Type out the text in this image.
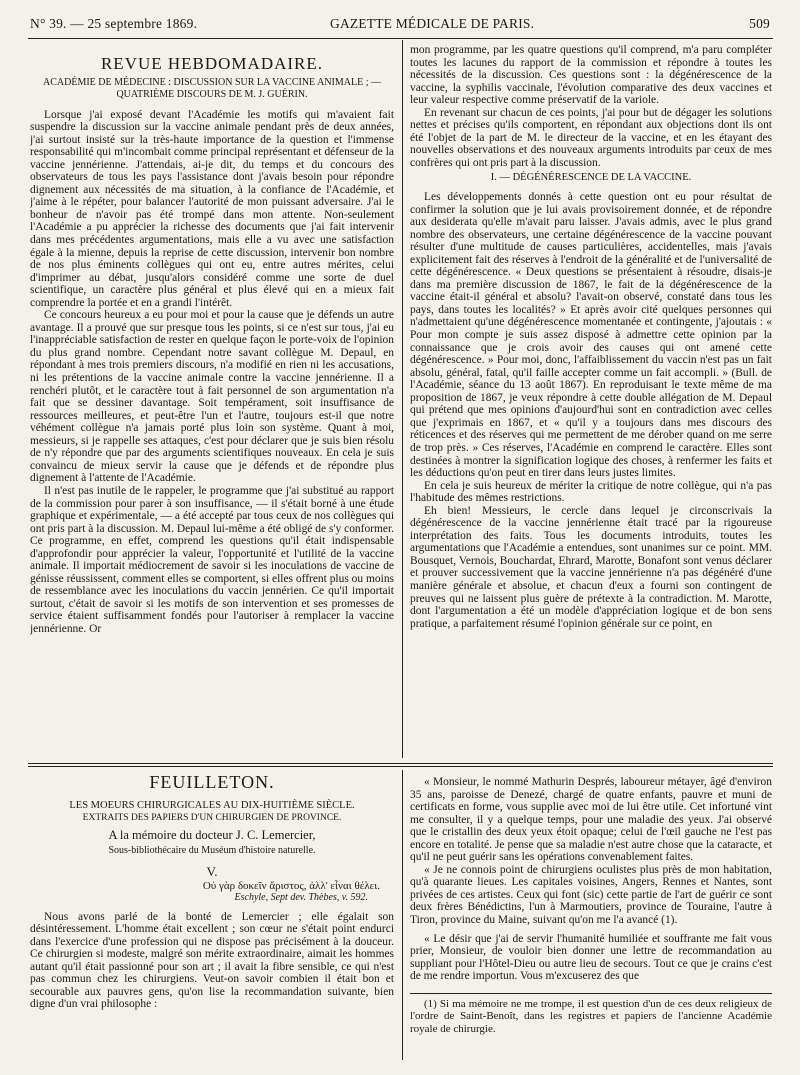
N° 39. — 25 septembre 1869.	GAZETTE MÉDICALE DE PARIS.	509
REVUE HEBDOMADAIRE.
ACADÉMIE DE MÉDECINE : DISCUSSION SUR LA VACCINE ANIMALE ; — QUATRIÈME DISCOURS DE M. J. GUÉRIN.

Lorsque j'ai exposé devant l'Académie les motifs qui m'avaient fait suspendre la discussion sur la vaccine animale pendant près de deux années, j'ai surtout insisté sur la très-haute importance de la question et l'immense responsabilité qui m'incombait comme principal représentant et défenseur de la vaccine jennérienne. J'attendais, ai-je dit, du temps et du concours des observateurs de tous les pays l'assistance dont j'avais besoin pour répondre dignement aux nécessités de ma situation, à la confiance de l'Académie, et j'aime à le répéter, pour balancer l'autorité de mon puissant adversaire. J'ai le bonheur de n'avoir pas été trompé dans mon attente. Non-seulement l'Académie a pu apprécier la richesse des documents que j'ai fait intervenir dans mes précédentes argumentations, mais elle a vu avec une satisfaction égale à la mienne, depuis la reprise de cette discussion, intervenir bon nombre de nos plus éminents collègues qui ont eu, entre autres mérites, celui d'imprimer au débat, jusqu'alors considéré comme une sorte de duel scientifique, un caractère plus général et plus élevé qui en a mieux fait comprendre la portée et en a grandi l'intérêt.

Ce concours heureux a eu pour moi et pour la cause que je défends un autre avantage. Il a prouvé que sur presque tous les points, si ce n'est sur tous, j'ai eu l'inappréciable satisfaction de rester en quelque façon le porte-voix de l'opinion du plus grand nombre. Cependant notre savant collègue M. Depaul, en répondant à mes trois premiers discours, n'a modifié en rien ni les accusations, ni les prétentions de la vaccine animale contre la vaccine jennérienne. Il a renchéri plutôt, et le caractère tout à fait personnel de son argumentation n'a fait que se dessiner davantage. Soit tempérament, soit insuffisance de ressources meilleures, et peut-être l'un et l'autre, toujours est-il que notre véhément collègue n'a jamais porté plus loin son système. Quant à moi, messieurs, si je rappelle ses attaques, c'est pour déclarer que je suis bien résolu de n'y répondre que par des arguments scientifiques nouveaux. En cela je suis convaincu de mieux servir la cause que je défends et de répondre plus dignement à l'attente de l'Académie.

Il n'est pas inutile de le rappeler, le programme que j'ai substitué au rapport de la commission pour parer à son insuffisance, — il s'était borné à une étude graphique et expérimentale, — a été accepté par tous ceux de nos collègues qui ont pris part à la discussion. M. Depaul lui-même a été obligé de s'y conformer. Ce programme, en effet, comprend les questions qu'il était indispensable d'approfondir pour apprécier la valeur, l'opportunité et l'utilité de la vaccine animale. Il importait médiocrement de savoir si les inoculations de vaccine de génisse réussissent, comment elles se comportent, si elles offrent plus ou moins de ressemblance avec les inoculations du vaccin jennérien. Ce qu'il importait surtout, c'était de savoir si les motifs de son intervention et ses promesses de service étaient suffisamment fondés pour l'autoriser à remplacer la vaccine jennérienne. Or

mon programme, par les quatre questions qu'il comprend, m'a paru compléter toutes les lacunes du rapport de la commission et répondre à toutes les nécessités de la discussion. Ces questions sont : la dégénérescence de la vaccine, la syphilis vaccinale, l'évolution comparative des deux vaccines et leur valeur respective comme préservatif de la variole.

En revenant sur chacun de ces points, j'ai pour but de dégager les solutions nettes et précises qu'ils comportent, en répondant aux objections dont ils ont été l'objet de la part de M. le directeur de la vaccine, et en les étayant des nouvelles observations et des nouveaux arguments introduits par ceux de mes confrères qui ont pris part à la discussion.

I. — DÉGÉNÉRESCENCE DE LA VACCINE.

Les développements donnés à cette question ont eu pour résultat de confirmer la solution que je lui avais provisoirement donnée, et de répondre aux desiderata qu'elle m'avait paru laisser. J'avais admis, avec le plus grand nombre des observateurs, une certaine dégénérescence de la vaccine pouvant résulter d'une multitude de causes particulières, accidentelles, mais j'avais explicitement fait des réserves à l'endroit de la généralité et de l'universalité de cette dégénérescence. « Deux questions se présentaient à résoudre, disais-je dans ma première discussion de 1867, le fait de la dégénérescence de la vaccine était-il général et absolu? l'avait-on observé, constaté dans tous les pays, dans toutes les localités? » Et après avoir cité quelques personnes qui n'admettaient qu'une dégénérescence momentanée et contingente, j'ajoutais : « Pour mon compte je suis assez disposé à admettre cette opinion par la connaissance que je crois avoir des causes qui ont amené cette dégénérescence. » Pour moi, donc, l'affaiblissement du vaccin n'est pas un fait absolu, général, fatal, qu'il faille accepter comme un fait accompli. » (Bull. de l'Académie, séance du 13 août 1867). En reproduisant le texte même de ma proposition de 1867, je veux répondre à cette double allégation de M. Depaul qui prétend que mes opinions d'aujourd'hui sont en contradiction avec celles que j'exprimais en 1867, et « qu'il y a toujours dans mes discours des réticences et des réserves qui me permettent de me dérober quand on me serre de trop près. » Ces réserves, l'Académie en comprend le caractère. Elles sont destinées à montrer la signification logique des choses, à renfermer les faits et les déductions qu'on peut en tirer dans leurs justes limites.

En cela je suis heureux de mériter la critique de notre collègue, qui n'a pas l'habitude des mêmes restrictions.

Eh bien! Messieurs, le cercle dans lequel je circonscrivais la dégénérescence de la vaccine jennérienne était tracé par la rigoureuse interprétation des faits. Tous les documents introduits, toutes les argumentations que l'Académie a entendues, sont unanimes sur ce point. MM. Bousquet, Vernois, Bouchardat, Ehrard, Marotte, Bonafont sont venus déclarer et prouver successivement que la vaccine jennérienne n'a pas dégénéré d'une manière générale et absolue, et chacun d'eux a fourni son contingent de preuves qui ne laissent plus guère de prétexte à la contradiction. M. Marotte, dont l'argumentation a été un modèle d'appréciation logique et de bon sens pratique, a parfaitement résumé l'opinion générale sur ce point, en

FEUILLETON.
LES MOEURS CHIRURGICALES AU DIX-HUITIÈME SIÈCLE.
EXTRAITS DES PAPIERS D'UN CHIRURGIEN DE PROVINCE.
A la mémoire du docteur J. C. Lemercier,
Sous-bibliothécaire du Muséum d'histoire naturelle.
V.
Οὐ γὰρ δοκεῖν ἄριστος, ἀλλ' εἶναι θέλει.
Eschyle, Sept dev. Thèbes, v. 592.

Nous avons parlé de la bonté de Lemercier ; elle égalait son désintéressement. L'homme était excellent ; son cœur ne s'était point endurci dans l'exercice d'une profession qui ne dispose pas précisément à la douceur. Ce chirurgien si modeste, malgré son mérite extraordinaire, aimait les hommes autant qu'il était passionné pour son art ; il avait la fibre sensible, ce qui n'est pas commun chez les chirurgiens. Veut-on savoir combien il était bon et secourable aux pauvres gens, qu'on lise la recommandation suivante, bien digne d'un vrai philosophe :

« Monsieur, le nommé Mathurin Després, laboureur métayer, âgé d'environ 35 ans, paroisse de Denezé, chargé de quatre enfants, pauvre et muni de certificats en forme, vous supplie avec moi de lui être utile. Cet infortuné vint me consulter, il y a quelque temps, pour une maladie des yeux. J'ai observé que le cristallin des deux yeux étoit opaque; celui de l'œil gauche ne l'est pas encore en totalité. Je pense que sa maladie n'est autre chose que la cataracte, et qu'il ne peut guérir sans les opérations convenablement faites.

« Je ne connois point de chirurgiens oculistes plus près de mon habitation, qu'à quarante lieues. Les capitales voisines, Angers, Rennes et Nantes, sont privées de ces artistes. Ceux qui font (sic) cette partie de l'art de guérir ce sont deux frères Bénédictins, l'un à Marmoutiers, province de Touraine, l'autre à Tiron, province du Maine, suivant qu'on me l'a avancé (1).

« Le désir que j'ai de servir l'humanité humiliée et souffrante me fait vous prier, Monsieur, de vouloir bien donner une lettre de recommandation au suppliant pour l'Hôtel-Dieu ou autre lieu de secours. Tout ce que je crains c'est de me rendre importun. Vous m'excuserez des que

(1) Si ma mémoire ne me trompe, il est question d'un de ces deux religieux de l'ordre de Saint-Benoît, dans les registres et papiers de l'ancienne Académie royale de chirurgie.
